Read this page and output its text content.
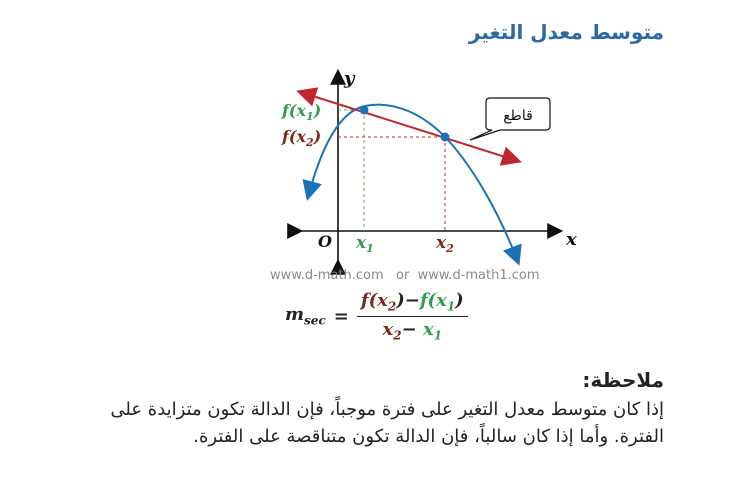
متوسط معدل التغير
قاطع
y
x
O $x_1$	$x_2$
$f(x_1)$
$f(x_2)$
www.d-math.com   or  www.d-math1.com
$m_{sec} = \frac{f(x_2)-f(x_1)}{x_2- x_1}$
ملاحظة:
إذا كان متوسط معدل التغير على فترة موجباً، فإن الدالة تكون متزايدة على الفترة. وأما إذا كان سالباً، فإن الدالة تكون متناقصة على الفترة.
